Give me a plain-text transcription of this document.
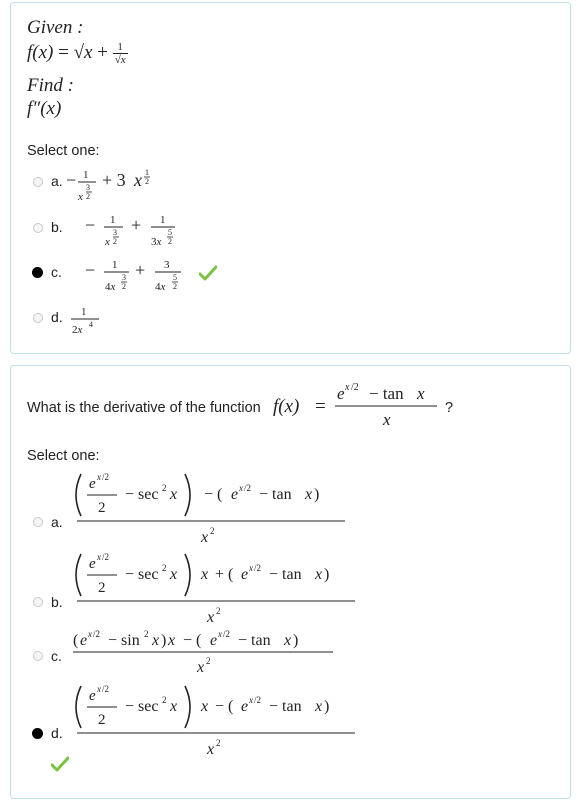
Given :
$f(x) = √x + \frac{1}{√x}$
Find :
f″(x)
Select one:
a. − 1
x
3
2
+ 3 x 1
2
b. − 1
x
3
2
+ 1
3x
5
2
c. − 1
4x
3
2
+ 3
4x
5
2
d. 1
2x 4
What is the derivative of the function f(x) =
e x /2 − tan x
x
?
Select one:
a.
e x /2
2
− sec 2 x − ( e x /2 − tan x )
x 2
b.
e x /2
2
− sec 2 x x + ( e x /2 − tan x )
x 2
c.
( e x /2 − sin 2 x ) x − ( e x /2 − tan x )
x 2
d.
e x /2
2
− sec 2 x x − ( e x /2 − tan x )
x 2
